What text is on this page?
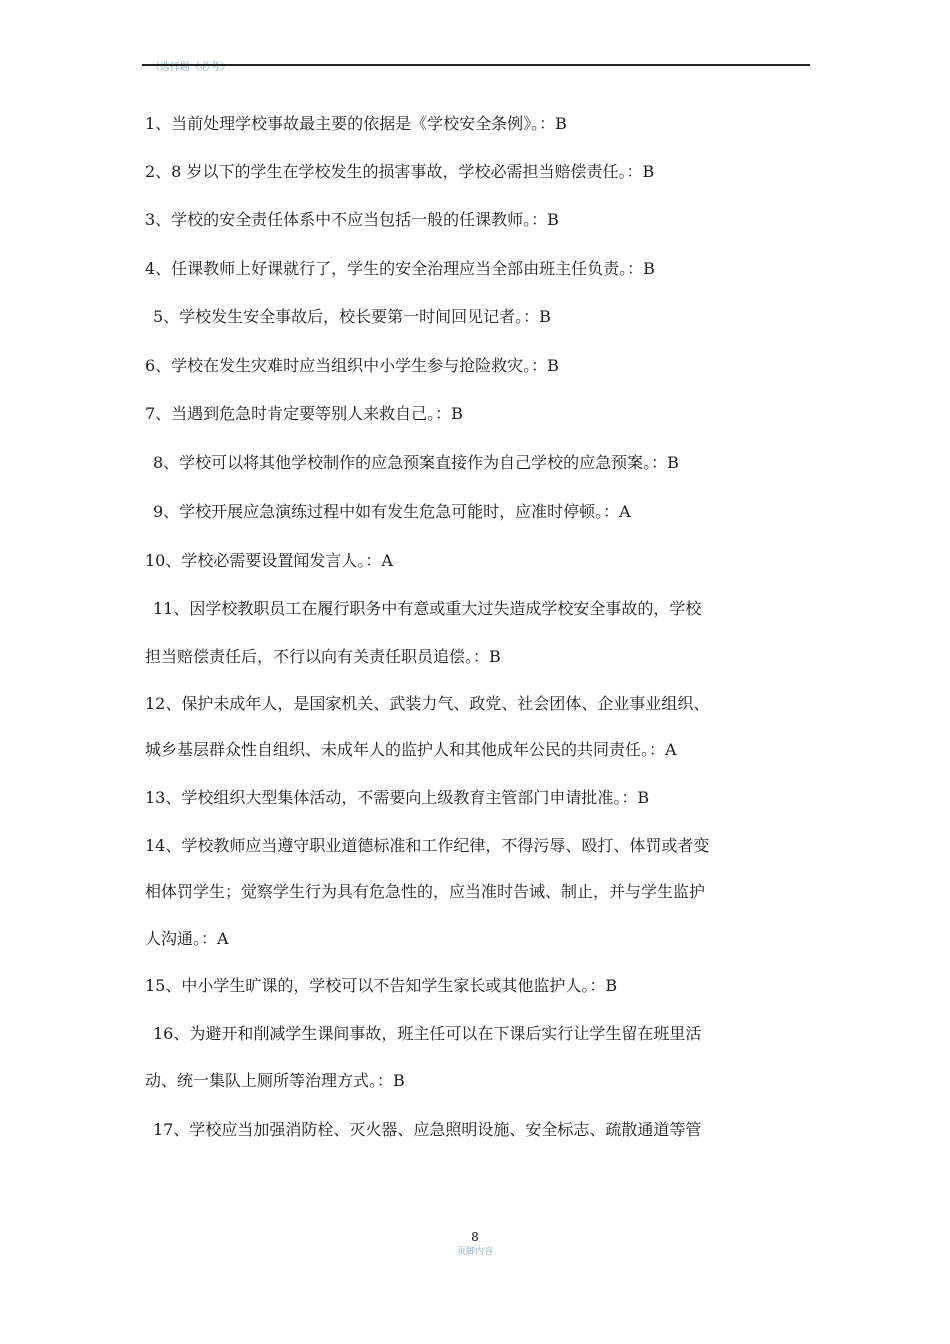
（选择题《必考》
1、当前处理学校事故最主要的依据是《学校安全条例》。：B
2、8 岁以下的学生在学校发生的损害事故，学校必需担当赔偿责任。：B
3、学校的安全责任体系中不应当包括一般的任课教师。：B
4、任课教师上好课就行了，学生的安全治理应当全部由班主任负责。：B
5、学校发生安全事故后，校长要第一时间回见记者。：B
6、学校在发生灾难时应当组织中小学生参与抢险救灾。：B
7、当遇到危急时肯定要等别人来救自己。：B
8、学校可以将其他学校制作的应急预案直接作为自己学校的应急预案。：B
9、学校开展应急演练过程中如有发生危急可能时，应准时停顿。：A
10、学校必需要设置闻发言人。：A
11、因学校教职员工在履行职务中有意或重大过失造成学校安全事故的，学校
担当赔偿责任后，不行以向有关责任职员追偿。：B
12、保护未成年人，是国家机关、武装力气、政党、社会团体、企业事业组织、
城乡基层群众性自组织、未成年人的监护人和其他成年公民的共同责任。：A
13、学校组织大型集体活动，不需要向上级教育主管部门申请批准。：B
14、学校教师应当遵守职业道德标准和工作纪律，不得污辱、殴打、体罚或者变
相体罚学生；觉察学生行为具有危急性的，应当准时告诫、制止，并与学生监护
人沟通。：A
15、中小学生旷课的，学校可以不告知学生家长或其他监护人。：B
16、为避开和削减学生课间事故，班主任可以在下课后实行让学生留在班里活
动、统一集队上厕所等治理方式。：B
17、学校应当加强消防栓、灭火器、应急照明设施、安全标志、疏散通道等管
8
页脚内容
